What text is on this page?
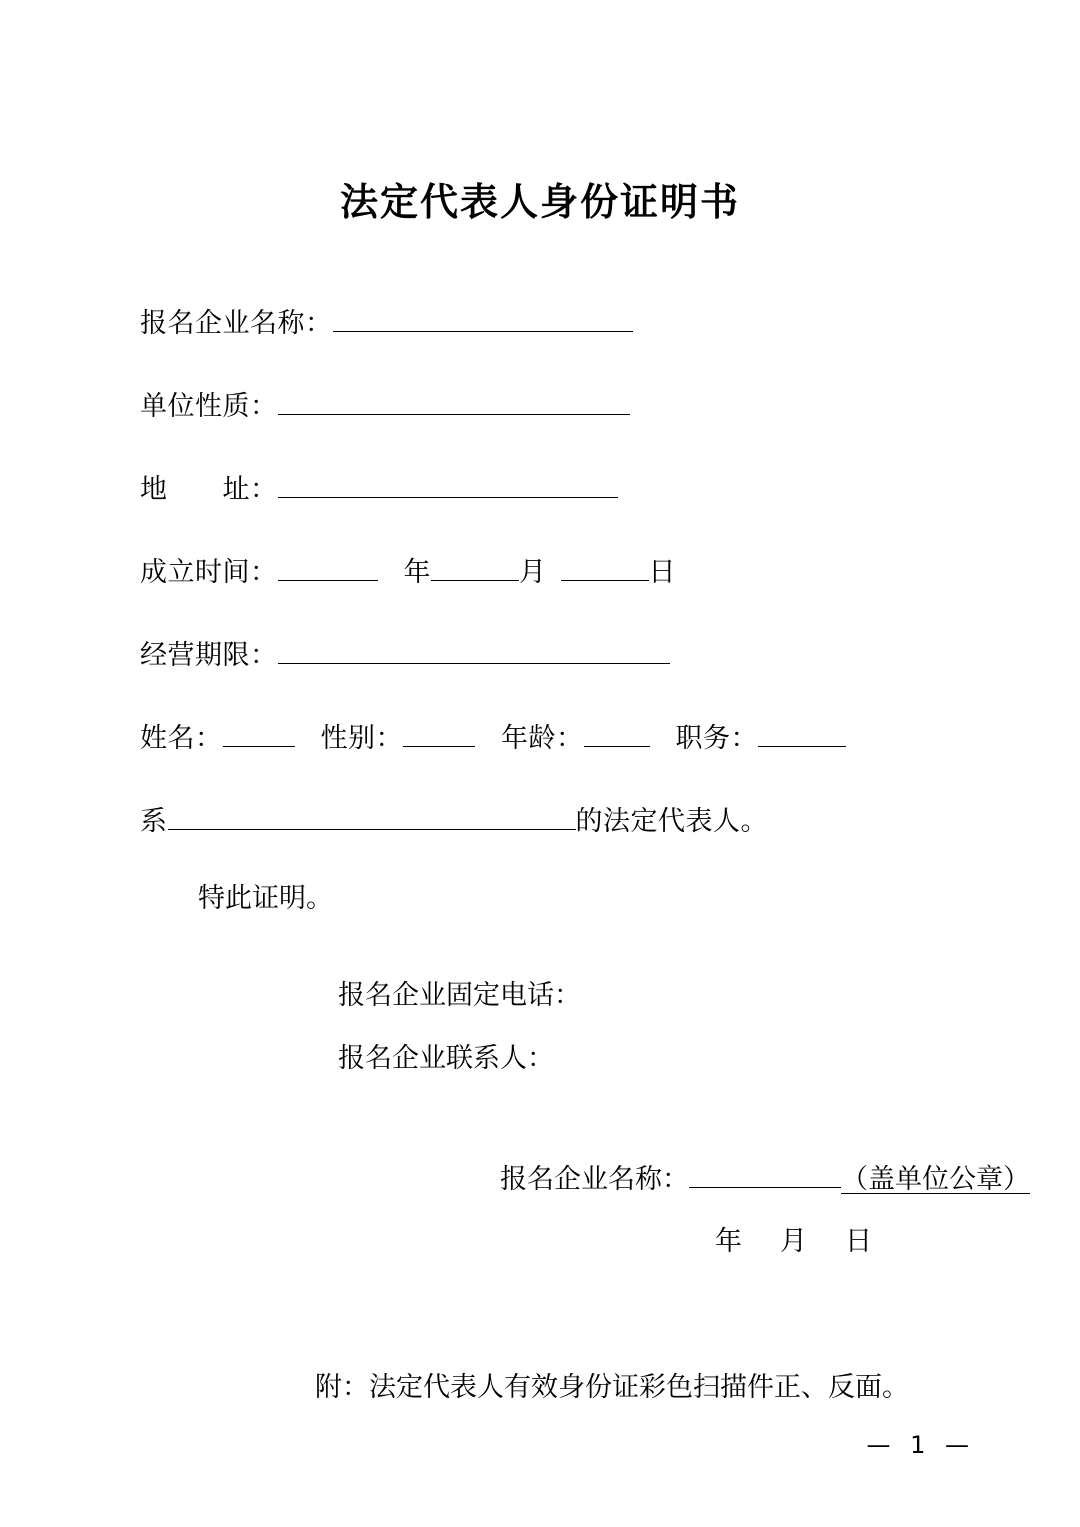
法定代表人身份证明书
报名企业名称：
单位性质：
地　　址：
成立时间：	年	月	日
经营期限：
姓名：	性别：	年龄：	职务：
系	的法定代表人。
特此证明。
报名企业固定电话：
报名企业联系人：
报名企业名称：	（盖单位公章）
年 月 日
附：法定代表人有效身份证彩色扫描件正、反面。
— 1 —
